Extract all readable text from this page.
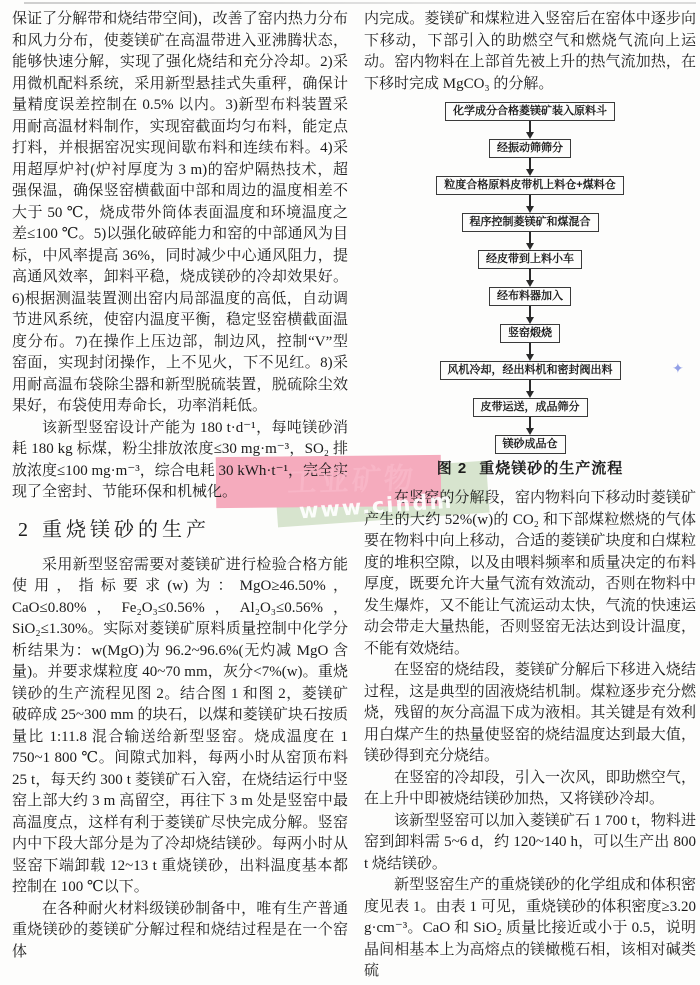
工业矿物
www.cindm
✦

保证了分解带和烧结带空间)，改善了窑内热力分布和风力分布，使菱镁矿在高温带进入亚沸腾状态，能够快速分解，实现了强化烧结和充分冷却。2)采用微机配料系统，采用新型悬挂式失重秤，确保计量精度误差控制在 0.5% 以内。3)新型布料装置采用耐高温材料制作，实现窑截面均匀布料，能定点打料，并根据窑况实现间歇布料和连续布料。4)采用超厚炉衬(炉衬厚度为 3 m)的窑炉隔热技术，超强保温，确保竖窑横截面中部和周边的温度相差不大于 50 ℃，烧成带外筒体表面温度和环境温度之差≤100 ℃。5)以强化破碎能力和窑的中部通风为目标，中风率提高 36%，同时减少中心通风阻力，提高通风效率，卸料平稳，烧成镁砂的冷却效果好。6)根据测温装置测出窑内局部温度的高低，自动调节进风系统，使窑内温度平衡，稳定竖窑横截面温度分布。7)在操作上压边部，制边风，控制“V”型窑面，实现封闭操作，上不见火，下不见红。8)采用耐高温布袋除尘器和新型脱硫装置，脱硫除尘效果好，布袋使用寿命长，功率消耗低。

该新型竖窑设计产能为 180 t·d⁻¹，每吨镁砂消耗 180 kg 标煤，粉尘排放浓度≤30 mg·m⁻³，SO₂ 排放浓度≤100 mg·m⁻³，综合电耗 30 kWh·t⁻¹，完全实现了全密封、节能环保和机械化。

2 重烧镁砂的生产

采用新型竖窑需要对菱镁矿进行检验合格方能使用，指标要求(w)为：MgO≥46.50%，CaO≤0.80%，Fe₂O₃≤0.56%，Al₂O₃≤0.56%，SiO₂≤1.30%。实际对菱镁矿原料质量控制中化学分析结果为：w(MgO)为 96.2~96.6%(无灼减 MgO 含量)。并要求煤粒度 40~70 mm，灰分<7%(w)。重烧镁砂的生产流程见图 2。结合图 1 和图 2，菱镁矿破碎成 25~300 mm 的块石，以煤和菱镁矿块石按质量比 1:11.8 混合输送给新型竖窑。烧成温度在 1 750~1 800 ℃。间隙式加料，每两小时从窑顶布料 25 t，每天约 300 t 菱镁矿石入窑，在烧结运行中竖窑上部大约 3 m 高留空，再往下 3 m 处是竖窑中最高温度点，这样有利于菱镁矿尽快完成分解。竖窑内中下段大部分是为了冷却烧结镁砂。每两小时从竖窑下端卸载 12~13 t 重烧镁砂，出料温度基本都控制在 100 ℃以下。

在各种耐火材料级镁砂制备中，唯有生产普通重烧镁砂的菱镁矿分解过程和烧结过程是在一个窑体

内完成。菱镁矿和煤粒进入竖窑后在窑体中逐步向下移动，下部引入的助燃空气和燃烧气流向上运动。窑内物料在上部首先被上升的热气流加热，在下移时完成 MgCO₃ 的分解。

化学成分合格菱镁矿装入原料斗
经振动筛筛分
粒度合格原料皮带机上料仓+煤料仓
程序控制菱镁矿和煤混合
经皮带到上料小车
经布料器加入
竖窑煅烧
风机冷却，经出料机和密封阀出料
皮带运送，成品筛分
镁砂成品仓
图 2 重烧镁砂的生产流程

在竖窑的分解段，窑内物料向下移动时菱镁矿产生的大约 52%(w)的 CO₂ 和下部煤粒燃烧的气体要在物料中向上移动，合适的菱镁矿块度和白煤粒度的堆积空隙，以及由喂料频率和质量决定的布料厚度，既要允许大量气流有效流动，否则在物料中发生爆炸，又不能让气流运动太快，气流的快速运动会带走大量热能，否则竖窑无法达到设计温度，不能有效烧结。

在竖窑的烧结段，菱镁矿分解后下移进入烧结过程，这是典型的固液烧结机制。煤粒逐步充分燃烧，残留的灰分高温下成为液相。其关键是有效利用白煤产生的热量使竖窑的烧结温度达到最大值，镁砂得到充分烧结。

在竖窑的冷却段，引入一次风，即助燃空气，在上升中即被烧结镁砂加热，又将镁砂冷却。

该新型竖窑可以加入菱镁矿石 1 700 t，物料进窑到卸料需 5~6 d，约 120~140 h，可以生产出 800 t 烧结镁砂。

新型竖窑生产的重烧镁砂的化学组成和体积密度见表 1。由表 1 可见，重烧镁砂的体积密度≥3.20 g·cm⁻³。CaO 和 SiO₂ 质量比接近或小于 0.5，说明晶间相基本上为高熔点的镁橄榄石相，该相对碱类硫
